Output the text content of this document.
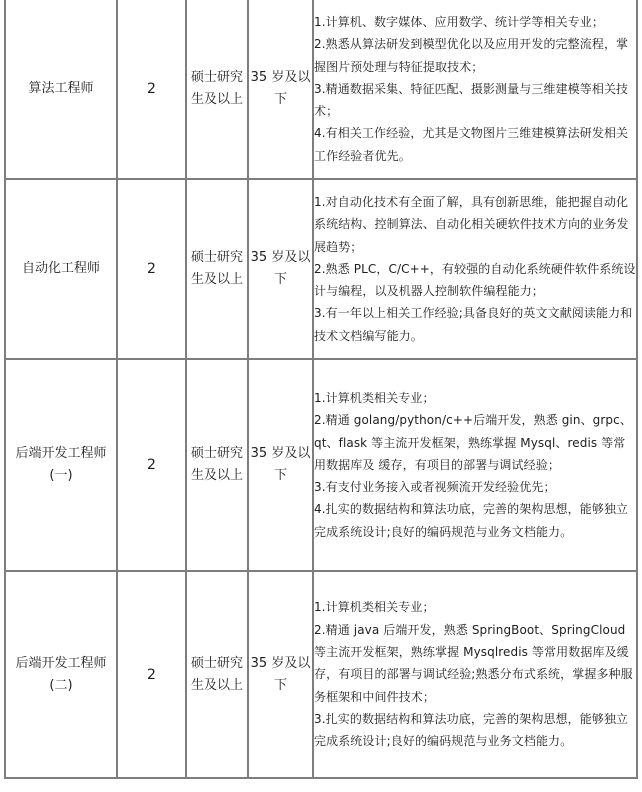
算法工程师	2	硕士研究生及以上	35 岁及以下	1.计算机、数字媒体、应用数学、统计学等相关专业；
2.熟悉从算法研发到模型优化以及应用开发的完整流程，掌握图片预处理与特征提取技术；
3.精通数据采集、特征匹配、摄影测量与三维建模等相关技术；
4.有相关工作经验，尤其是文物图片三维建模算法研发相关工作经验者优先。

自动化工程师	2	硕士研究生及以上	35 岁及以下	1.对自动化技术有全面了解，具有创新思维，能把握自动化系统结构、控制算法、自动化相关硬软件技术方向的业务发展趋势；
2.熟悉 PLC，C/C++，有较强的自动化系统硬件软件系统设计与编程，以及机器人控制软件编程能力；
3.有一年以上相关工作经验;具备良好的英文文献阅读能力和技术文档编写能力。

后端开发工程师(一)	2	硕士研究生及以上	35 岁及以下	1.计算机类相关专业；
2.精通 golang/python/c++后端开发，熟悉 gin、grpc、qt、flask 等主流开发框架，熟练掌握 Mysql、redis 等常用数据库及 缓存，有项目的部署与调试经验；
3.有支付业务接入或者视频流开发经验优先；
4.扎实的数据结构和算法功底，完善的架构思想，能够独立完成系统设计;良好的编码规范与业务文档能力。

后端开发工程师(二)	2	硕士研究生及以上	35 岁及以下	1.计算机类相关专业；
2.精通 java 后端开发，熟悉 SpringBoot、SpringCloud 等主流开发框架，熟练掌握 Mysqlredis 等常用数据库及缓存，有项目的部署与调试经验;熟悉分布式系统，掌握多种服务框架和中间件技术；
3.扎实的数据结构和算法功底，完善的架构思想，能够独立完成系统设计;良好的编码规范与业务文档能力。
